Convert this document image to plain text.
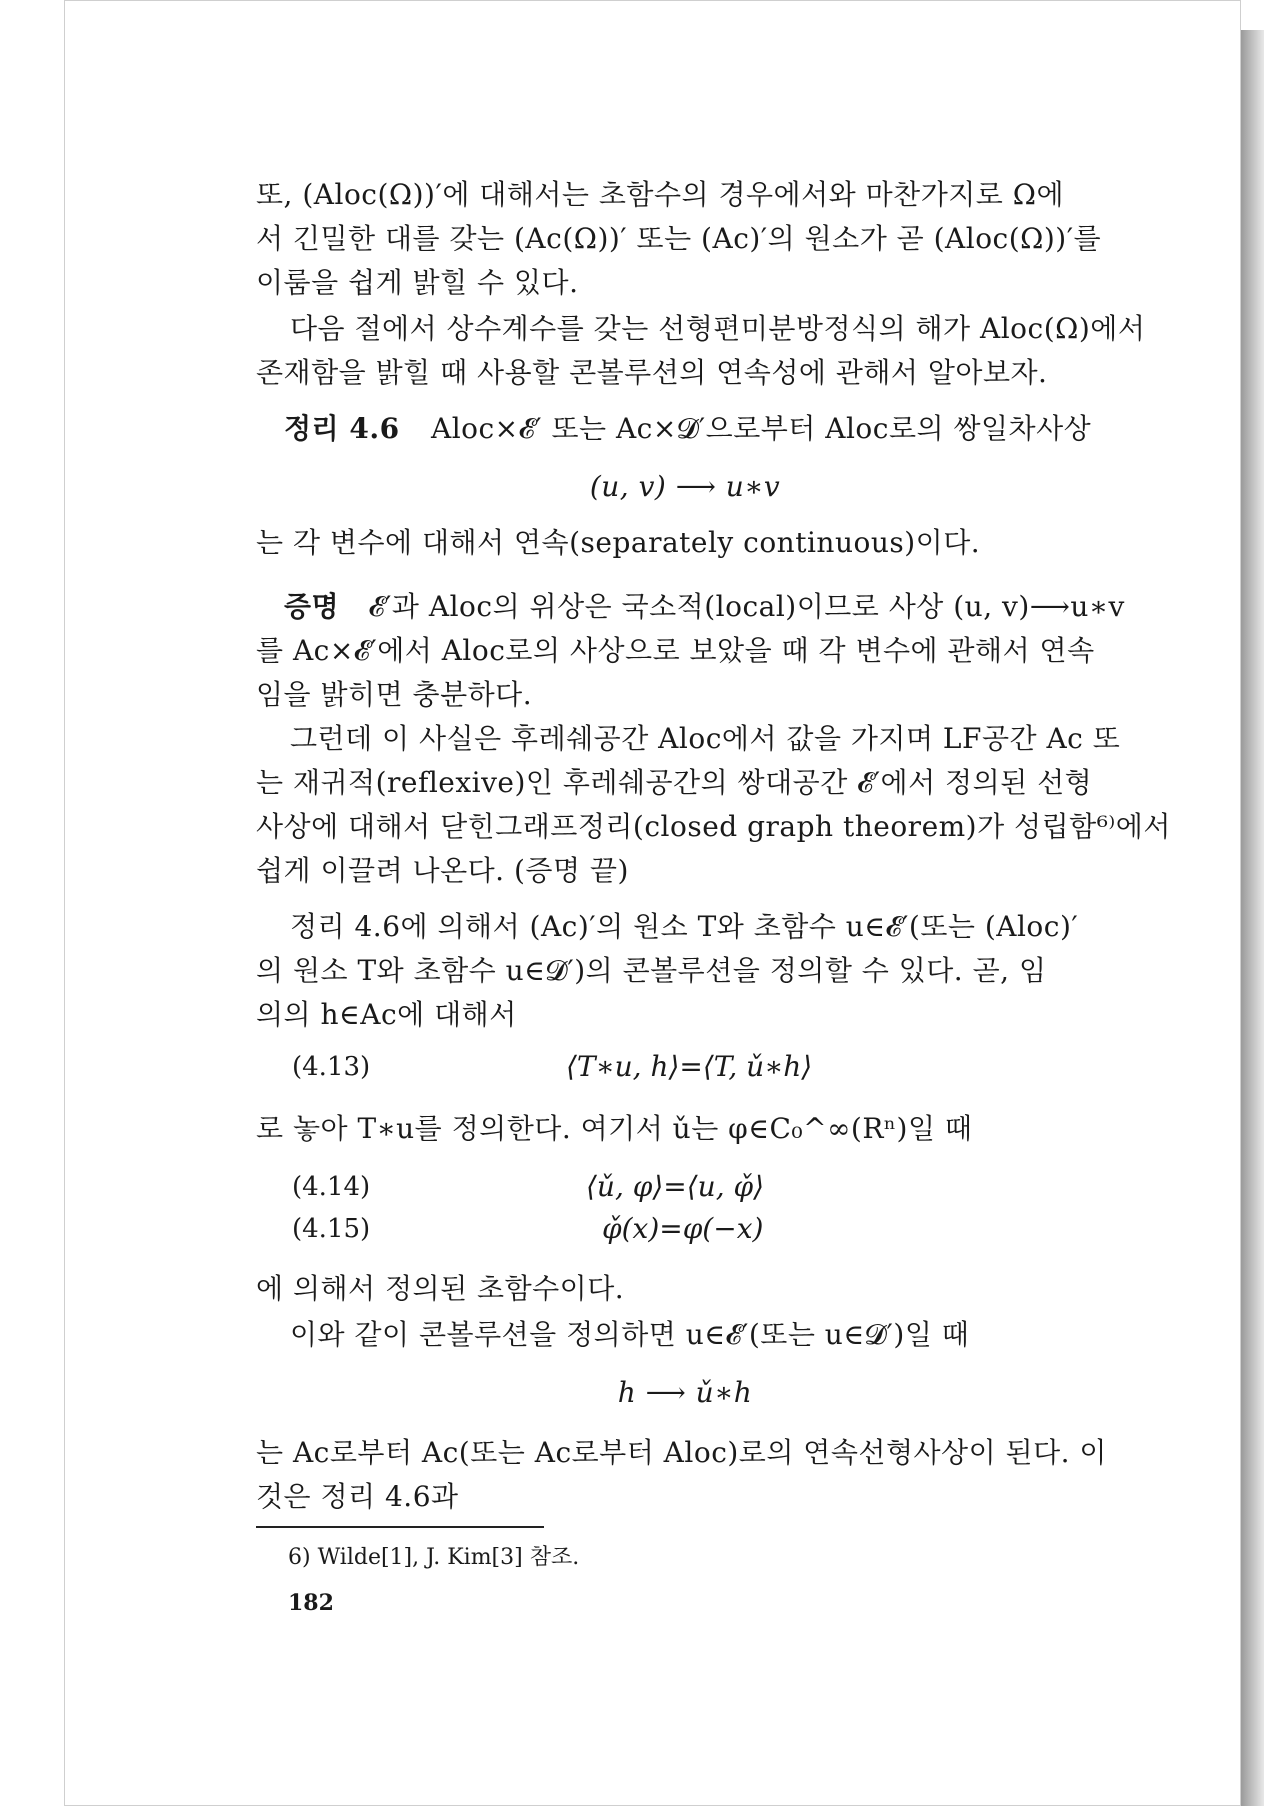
또, (Aloc(Ω))′에 대해서는 초함수의 경우에서와 마찬가지로 Ω에
서 긴밀한 대를 갖는 (Ac(Ω))′ 또는 (Ac)′의 원소가 곧 (Aloc(Ω))′를
이룸을 쉽게 밝힐 수 있다.
다음 절에서 상수계수를 갖는 선형편미분방정식의 해가 Aloc(Ω)에서
존재함을 밝힐 때 사용할 콘볼루션의 연속성에 관해서 알아보자.
정리 4.6 Aloc×𝓔′ 또는 Ac×𝓓′으로부터 Aloc로의 쌍일차사상
(u, v) ⟶ u∗v
는 각 변수에 대해서 연속(separately continuous)이다.
증명 𝓔′과 Aloc의 위상은 국소적(local)이므로 사상 (u, v)⟶u∗v
를 Ac×𝓔′에서 Aloc로의 사상으로 보았을 때 각 변수에 관해서 연속
임을 밝히면 충분하다.
그런데 이 사실은 후레쉐공간 Aloc에서 값을 가지며 LF공간 Ac 또
는 재귀적(reflexive)인 후레쉐공간의 쌍대공간 𝓔′에서 정의된 선형
사상에 대해서 닫힌그래프정리(closed graph theorem)가 성립함⁶⁾에서
쉽게 이끌려 나온다. (증명 끝)
정리 4.6에 의해서 (Ac)′의 원소 T와 초함수 u∈𝓔′(또는 (Aloc)′
의 원소 T와 초함수 u∈𝓓′)의 콘볼루션을 정의할 수 있다. 곧, 임
의의 h∈Ac에 대해서
(4.13)	⟨T∗u, h⟩=⟨T, ǔ∗h⟩
로 놓아 T∗u를 정의한다. 여기서 ǔ는 φ∈C₀^∞(Rⁿ)일 때
(4.14)	⟨ǔ, φ⟩=⟨u, φ̌⟩
(4.15)	φ̌(x)=φ(−x)
에 의해서 정의된 초함수이다.
이와 같이 콘볼루션을 정의하면 u∈𝓔′(또는 u∈𝓓′)일 때
h ⟶ ǔ∗h
는 Ac로부터 Ac(또는 Ac로부터 Aloc)로의 연속선형사상이 된다. 이
것은 정리 4.6과
6) Wilde[1], J. Kim[3] 참조.
182
